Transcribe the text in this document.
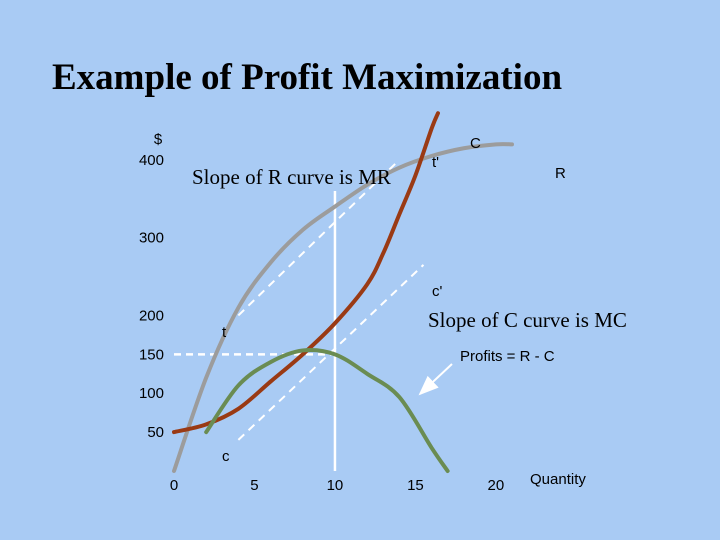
Example of Profit Maximization
0	5	10	15	20
50
100
150
200
300
400
$
Quantity
Slope of R curve is MR
Slope of C curve is MC
Profits = R - C
R
C
t'
t
c'
c
